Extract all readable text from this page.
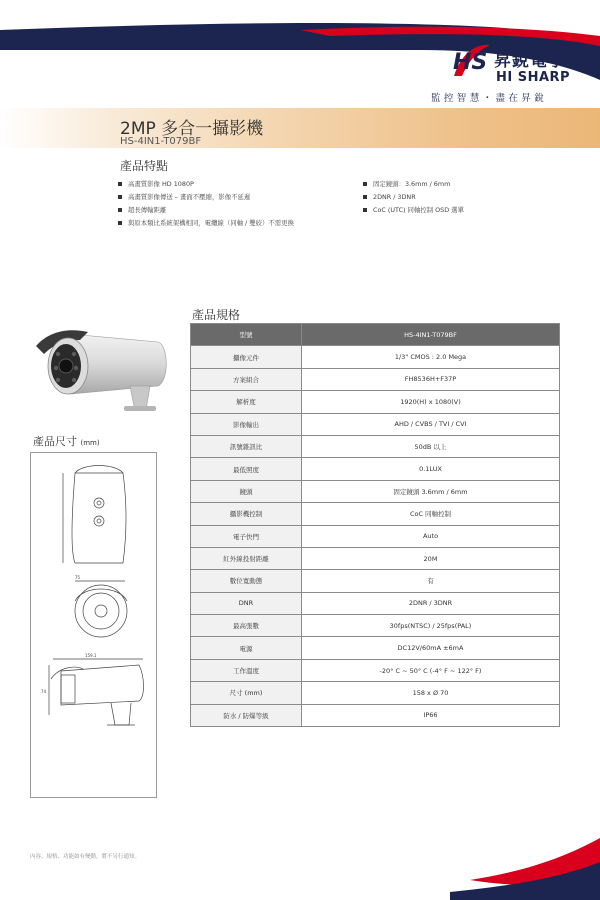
HS 昇銳電子
HI SHARP
監控智慧・盡在昇銳
2MP 多合一攝影機
HS-4IN1-T079BF
產品特點
高畫質影像 HD 1080P
高畫質影像傳送 – 畫面不壓縮，影像不延遲
超長傳輸距離
與原本類比系統架構相同，電纜線（同軸 / 雙絞）不需更換
固定鏡頭：3.6mm / 6mm
2DNR / 3DNR
CoC (UTC) 同軸控制 OSD 選單
產品尺寸 (mm)
75
159.1
74
產品規格
型號	HS-4IN1-T079BF
攝像元件	1/3" CMOS : 2.0 Mega
方案組合	FH8536H+F37P
解析度	1920(H) x 1080(V)
影像輸出	AHD / CVBS / TVI / CVI
訊號雜訊比	50dB 以上
最低照度	0.1LUX
鏡頭	固定鏡頭 3.6mm / 6mm
攝影機控制	CoC 同軸控制
電子快門	Auto
紅外線投射距離	20M
數位寬動態	有
DNR	2DNR / 3DNR
最高張數	30fps(NTSC) / 25fps(PAL)
電源	DC12V/60mA ±6mA
工作溫度	-20° C ~ 50° C (-4° F ~ 122° F)
尺寸 (mm)	158 x Ø 70
防水 / 防爆等級	IP66
內容、規格、功能如有變動，將不另行通知。
